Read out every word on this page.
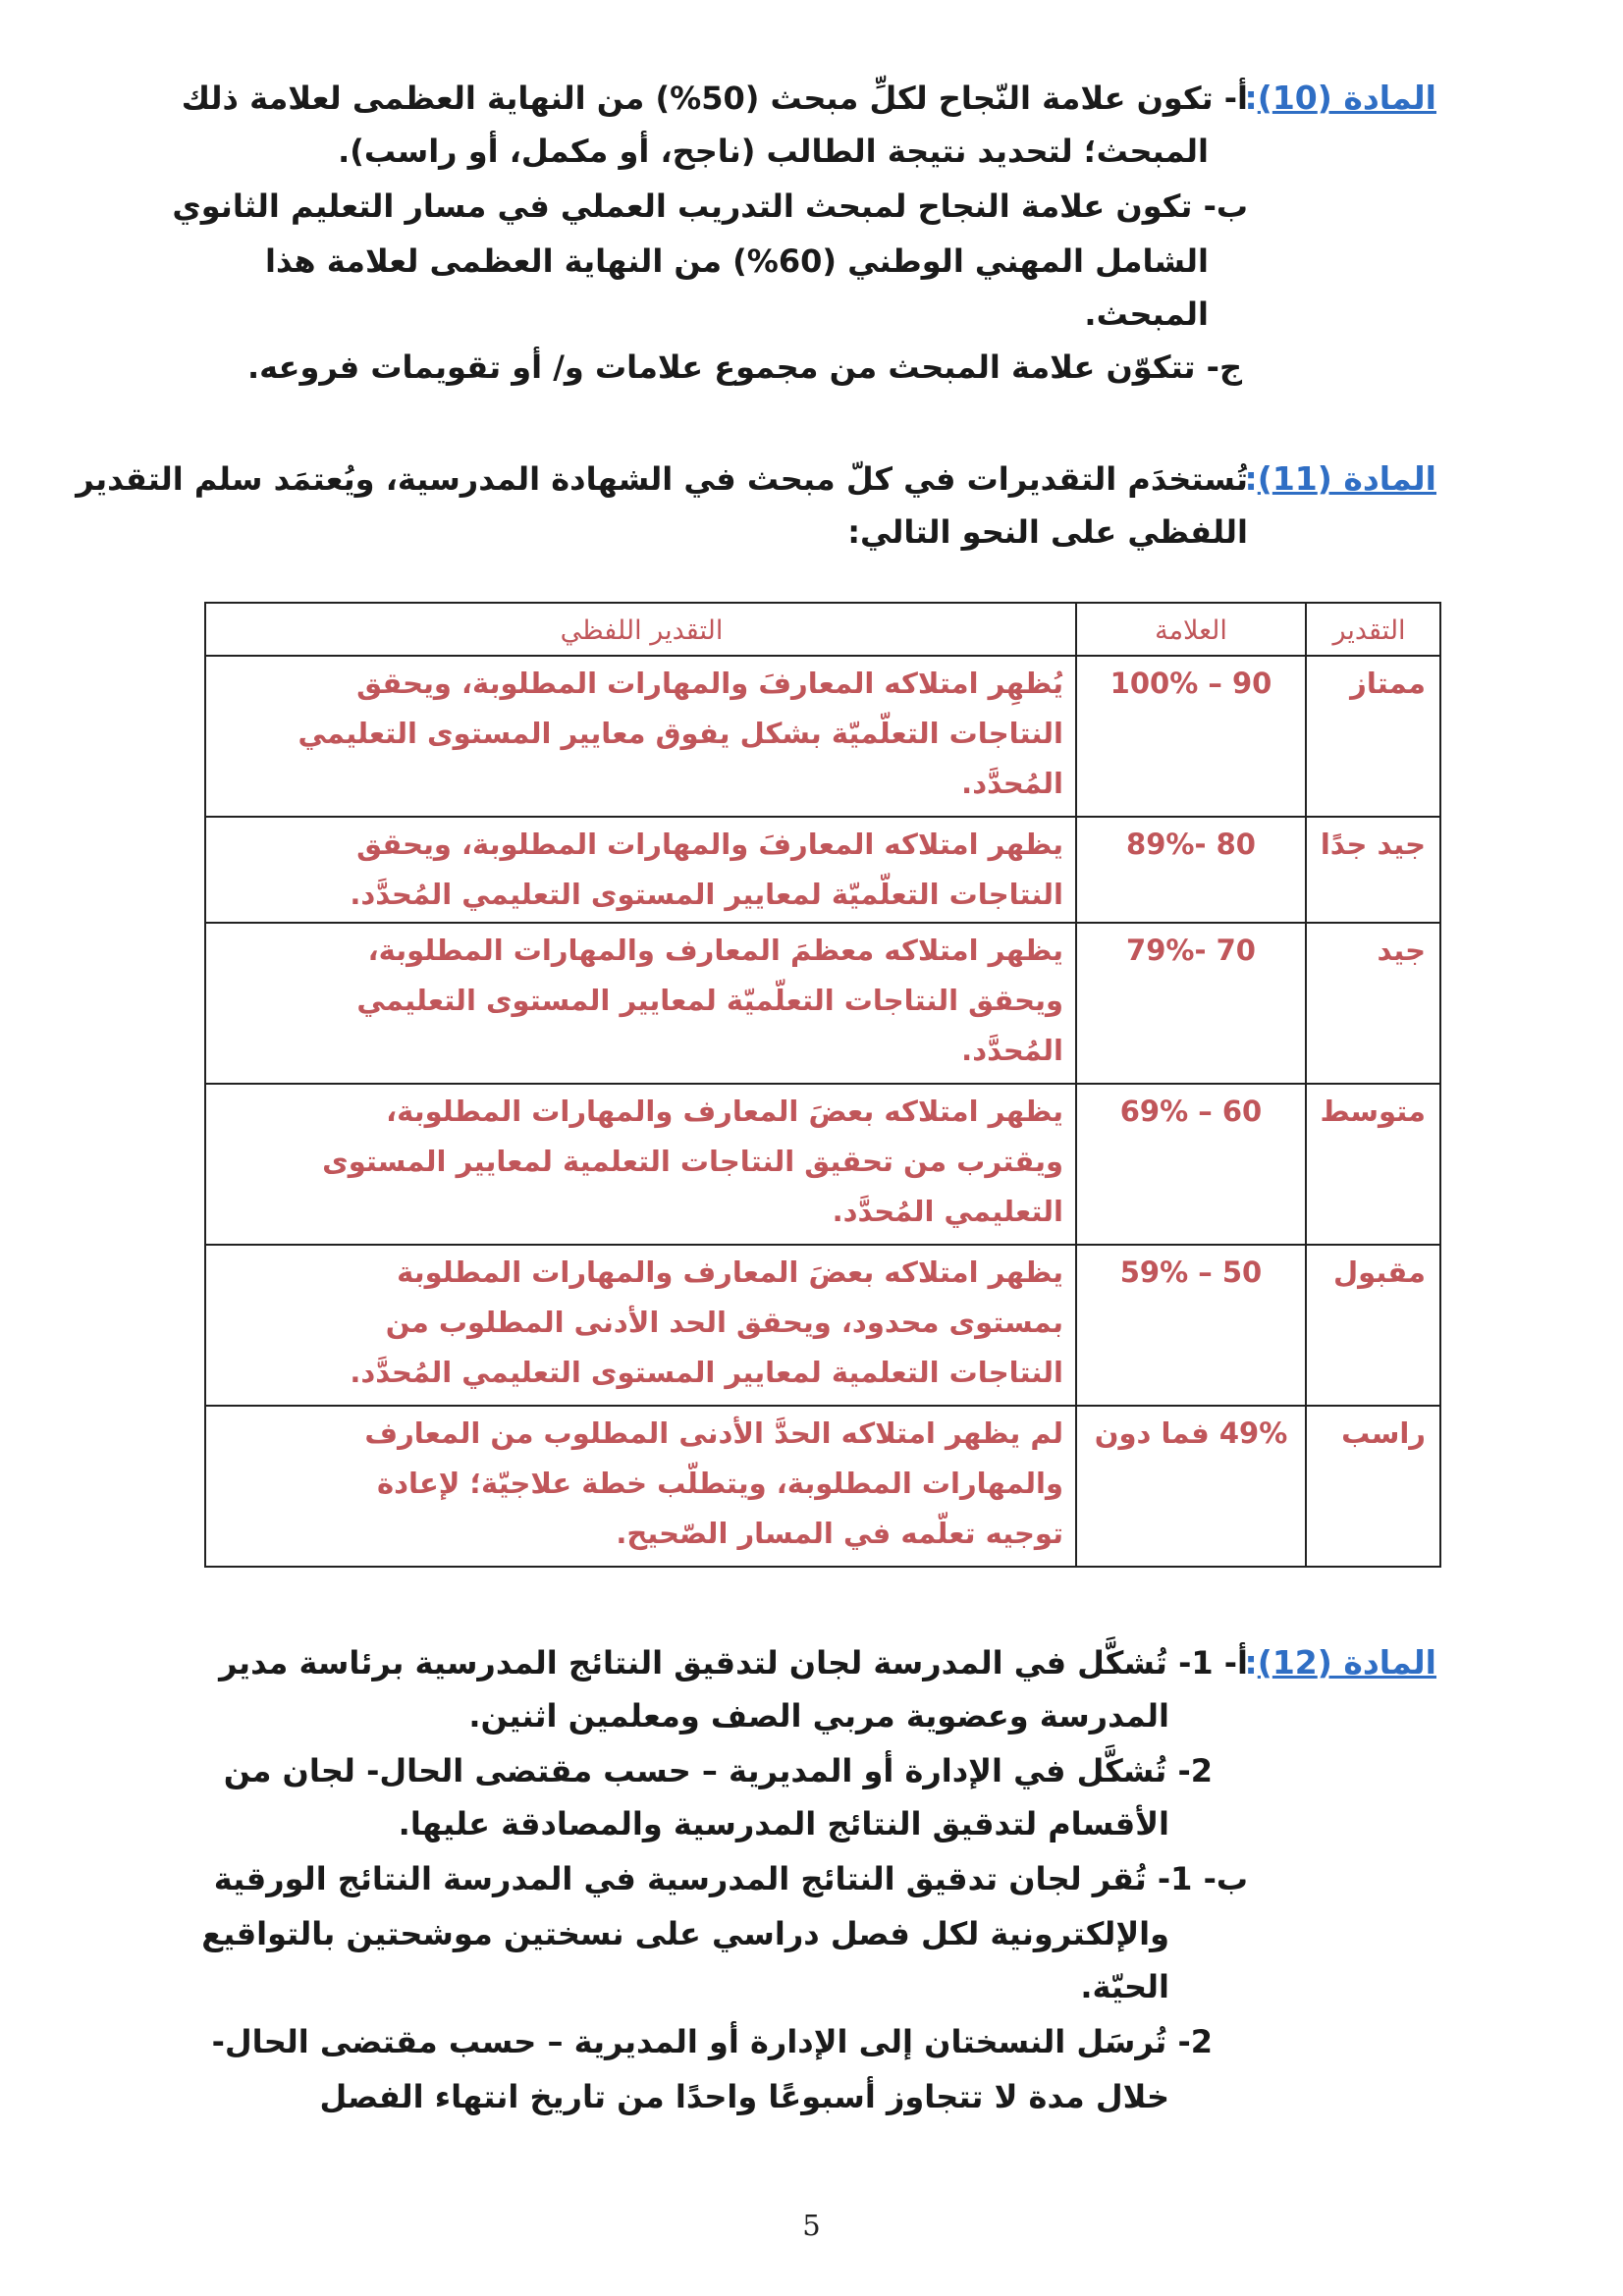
المادة (10):
أ- تكون علامة النّجاح لكلِّ مبحث (50%) من النهاية العظمى لعلامة ذلك
المبحث؛ لتحديد نتيجة الطالب (ناجح، أو مكمل، أو راسب).
ب- تكون علامة النجاح لمبحث التدريب العملي في مسار التعليم الثانوي
الشامل المهني الوطني (60%) من النهاية العظمى لعلامة هذا
المبحث.
ج- تتكوّن علامة المبحث من مجموع علامات و/ أو تقويمات فروعه.
المادة (11):
تُستخدَم التقديرات في كلّ مبحث في الشهادة المدرسية، ويُعتمَد سلم التقدير
اللفظي على النحو التالي:
التقدير	العلامة	التقدير اللفظي
ممتاز	90 – 100%	يُظهِر امتلاكه المعارفَ والمهارات المطلوبة، ويحقق
النتاجات التعلّميّة بشكل يفوق معايير المستوى التعليمي
المُحدَّد.

جيد جدًا	80 -89%	يظهر امتلاكه المعارفَ والمهارات المطلوبة، ويحقق
النتاجات التعلّميّة لمعايير المستوى التعليمي المُحدَّد.

جيد	70 -79%	يظهر امتلاكه معظمَ المعارف والمهارات المطلوبة،
ويحقق النتاجات التعلّميّة لمعايير المستوى التعليمي
المُحدَّد.

متوسط	60 – 69%	يظهر امتلاكه بعضَ المعارف والمهارات المطلوبة،
ويقترب من تحقيق النتاجات التعلمية لمعايير المستوى
التعليمي المُحدَّد.

مقبول	50 – 59%	يظهر امتلاكه بعضَ المعارف والمهارات المطلوبة
بمستوى محدود، ويحقق الحد الأدنى المطلوب من
النتاجات التعلمية لمعايير المستوى التعليمي المُحدَّد.

راسب	49% فما دون	لم يظهر امتلاكه الحدَّ الأدنى المطلوب من المعارف
والمهارات المطلوبة، ويتطلّب خطة علاجيّة؛ لإعادة
توجيه تعلّمه في المسار الصّحيح.
المادة (12):
أ- 1- تُشكَّل في المدرسة لجان لتدقيق النتائج المدرسية برئاسة مدير
المدرسة وعضوية مربي الصف ومعلمين اثنين.
2- تُشكَّل في الإدارة أو المديرية – حسب مقتضى الحال- لجان من
الأقسام لتدقيق النتائج المدرسية والمصادقة عليها.
ب- 1- تُقر لجان تدقيق النتائج المدرسية في المدرسة النتائج الورقية
والإلكترونية لكل فصل دراسي على نسختين موشحتين بالتواقيع
الحيّة.
2- تُرسَل النسختان إلى الإدارة أو المديرية – حسب مقتضى الحال-
خلال مدة لا تتجاوز أسبوعًا واحدًا من تاريخ انتهاء الفصل
5
